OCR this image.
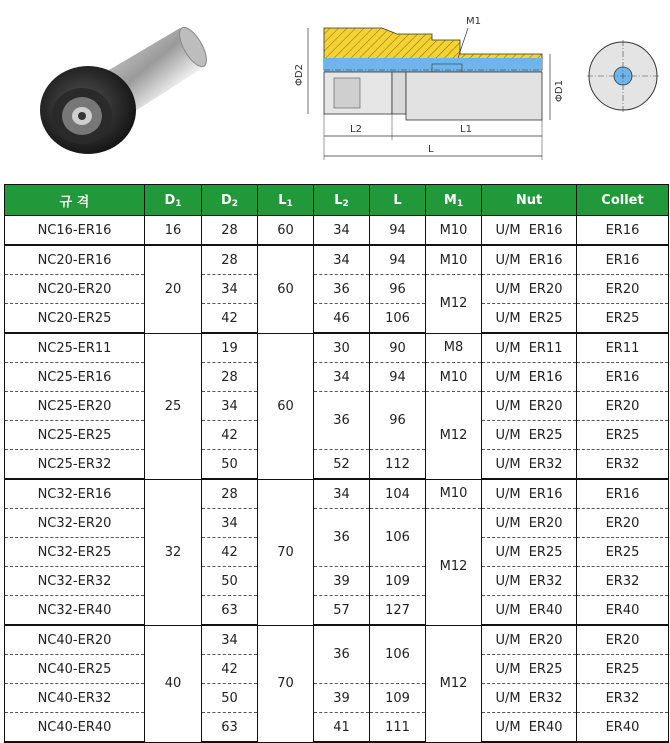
M1
ΦD2
ΦD1
L2	L1
L
규 격	$D_1$	$D_2$	$L_1$	$L_2$	L	$M_1$	Nut	Collet
NC16-ER16	16	28	60	34	94	M10	U/M ER16	ER16
NC20-ER16	20	28	60	34	94	M10	U/M ER16	ER16
NC20-ER20		34		36	96	M12	U/M ER20	ER20
NC20-ER25		42		46	106		U/M ER25	ER25
NC25-ER11	25	19	60	30	90	M8	U/M ER11	ER11
NC25-ER16		28		34	94	M10	U/M ER16	ER16
NC25-ER20		34		36	96	M12	U/M ER20	ER20
NC25-ER25		42					U/M ER25	ER25
NC25-ER32		50		52	112		U/M ER32	ER32
NC32-ER16	32	28	70	34	104	M10	U/M ER16	ER16
NC32-ER20		34		36	106	M12	U/M ER20	ER20
NC32-ER25		42					U/M ER25	ER25
NC32-ER32		50		39	109		U/M ER32	ER32
NC32-ER40		63		57	127		U/M ER40	ER40
NC40-ER20	40	34	70	36	106	M12	U/M ER20	ER20
NC40-ER25		42					U/M ER25	ER25
NC40-ER32		50		39	109		U/M ER32	ER32
NC40-ER40		63		41	111		U/M ER40	ER40
